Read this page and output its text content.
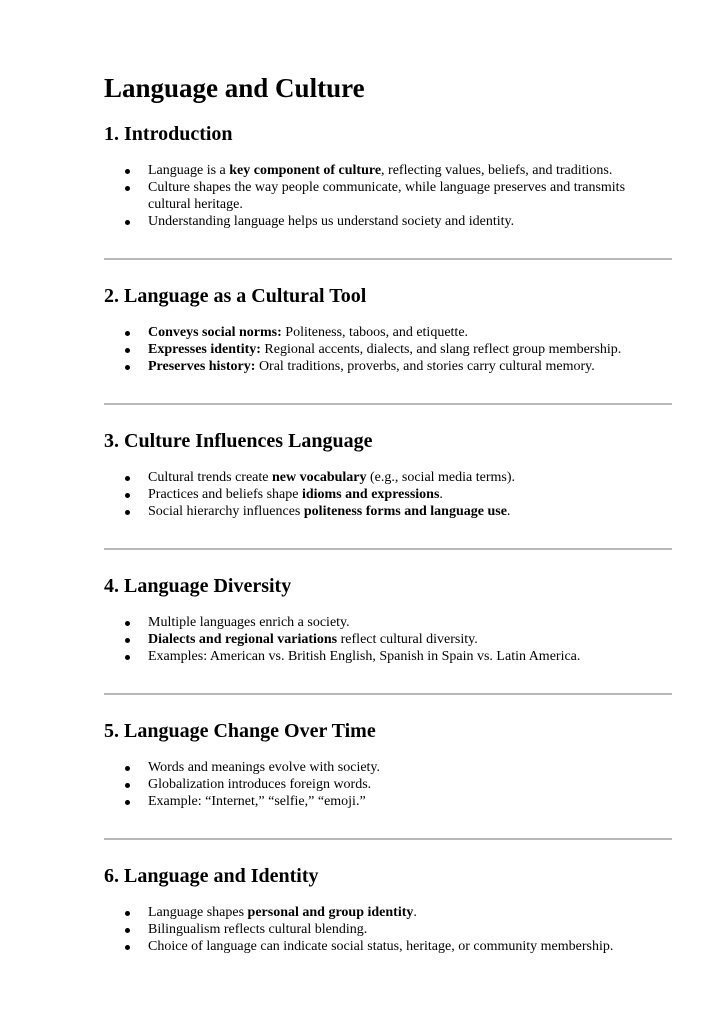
Language and Culture
1. Introduction
Language is a key component of culture, reflecting values, beliefs, and traditions.
Culture shapes the way people communicate, while language preserves and transmits cultural heritage.
Understanding language helps us understand society and identity.
2. Language as a Cultural Tool
Conveys social norms: Politeness, taboos, and etiquette.
Expresses identity: Regional accents, dialects, and slang reflect group membership.
Preserves history: Oral traditions, proverbs, and stories carry cultural memory.
3. Culture Influences Language
Cultural trends create new vocabulary (e.g., social media terms).
Practices and beliefs shape idioms and expressions.
Social hierarchy influences politeness forms and language use.
4. Language Diversity
Multiple languages enrich a society.
Dialects and regional variations reflect cultural diversity.
Examples: American vs. British English, Spanish in Spain vs. Latin America.
5. Language Change Over Time
Words and meanings evolve with society.
Globalization introduces foreign words.
Example: “Internet,” “selfie,” “emoji.”
6. Language and Identity
Language shapes personal and group identity.
Bilingualism reflects cultural blending.
Choice of language can indicate social status, heritage, or community membership.
